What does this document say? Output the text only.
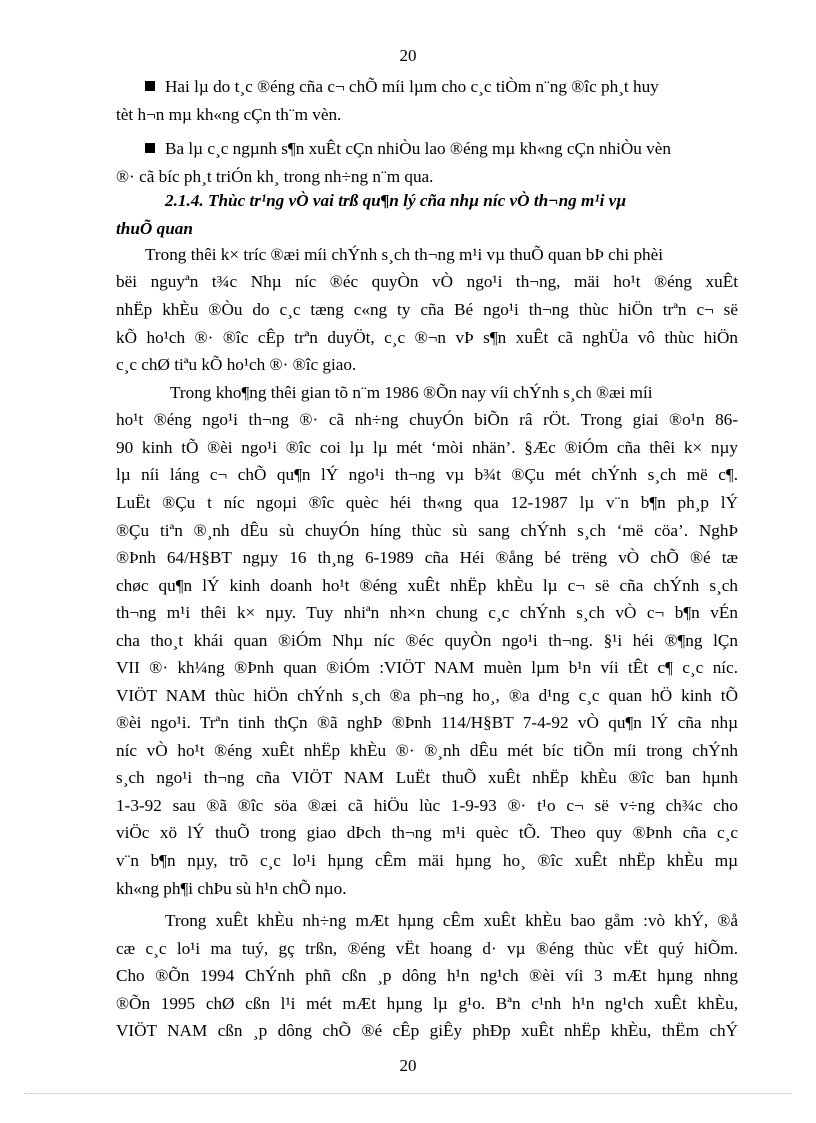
20
Hai lµ do t¸c ®éng cña c¬ chÕ míi lµm cho c¸c tiÒm n¨ng ®îc ph¸t huy
tèt h¬n mµ kh«ng cÇn th¨m vèn.
Ba lµ c¸c ngµnh s¶n xuÊt cÇn nhiÒu lao ®éng mµ kh«ng cÇn nhiÒu vèn
®· cã bíc ph¸t triÓn kh¸ trong nh÷ng n¨m qua.
2.1.4. Thùc tr¹ng vÒ vai trß qu¶n lý cña nhµ níc vÒ th¬ng m¹i vµ
thuÕ quan
Trong thêi k× tríc ®æi míi chÝnh s¸ch th¬ng m¹i vµ thuÕ quan bÞ chi phèi
bëi nguyªn t¾c Nhµ níc ®éc quyÒn vÒ ngo¹i th¬ng, mäi ho¹t ®éng xuÊt
nhËp khÈu ®Òu do c¸c tæng c«ng ty cña Bé ngo¹i th¬ng thùc hiÖn trªn c¬ së
kÕ ho¹ch ®· ®îc cÊp trªn duyÖt, c¸c ®¬n vÞ s¶n xuÊt cã nghÜa vô thùc hiÖn
c¸c chØ tiªu kÕ ho¹ch ®· ®îc giao.
Trong kho¶ng thêi gian tõ n¨m 1986 ®Õn nay víi chÝnh s¸ch ®æi míi
ho¹t ®éng ngo¹i th¬ng ®· cã nh÷ng chuyÓn biÕn râ rÖt. Trong giai ®o¹n 86-
90 kinh tÕ ®èi ngo¹i ®îc coi lµ lµ mét ‘mòi nhän’. §Æc ®iÓm cña thêi k× nµy
lµ níi láng c¬ chÕ qu¶n lÝ ngo¹i th¬ng vµ b¾t ®Çu mét chÝnh s¸ch më c¶.
LuËt ®Çu t níc ngoµi ®îc quèc héi th«ng qua 12-1987 lµ v¨n b¶n ph¸p lÝ
®Çu tiªn ®¸nh dÊu sù chuyÓn híng thùc sù sang chÝnh s¸ch ‘më cöa’. NghÞ
®Þnh 64/H§BT ngµy 16 th¸ng 6-1989 cña Héi ®ång bé trëng vÒ chÕ ®é tæ
chøc qu¶n lÝ kinh doanh ho¹t ®éng xuÊt nhËp khÈu lµ c¬ së cña chÝnh s¸ch
th¬ng m¹i thêi k× nµy. Tuy nhiªn nh×n chung c¸c chÝnh s¸ch vÒ c¬ b¶n vÉn
cha tho¸t khái quan ®iÓm Nhµ níc ®éc quyÒn ngo¹i th¬ng. §¹i héi ®¶ng lÇn
VII ®· kh¼ng ®Þnh quan ®iÓm :VIÖT NAM muèn lµm b¹n víi tÊt c¶ c¸c níc.
VIÖT NAM thùc hiÖn chÝnh s¸ch ®a ph¬ng ho¸, ®a d¹ng c¸c quan hÖ kinh tÕ
®èi ngo¹i. Trªn tinh thÇn ®ã nghÞ ®Þnh 114/H§BT 7-4-92 vÒ qu¶n lÝ cña nhµ
níc vÒ ho¹t ®éng xuÊt nhËp khÈu ®· ®¸nh dÊu mét bíc tiÕn míi trong chÝnh
s¸ch ngo¹i th¬ng cña VIÖT NAM LuËt thuÕ xuÊt nhËp khÈu ®îc ban hµnh
1-3-92 sau ®ã ®îc söa ®æi cã hiÖu lùc 1-9-93 ®· t¹o c¬ së v÷ng ch¾c cho
viÖc xö lÝ thuÕ trong giao dÞch th¬ng m¹i quèc tÕ. Theo quy ®Þnh cña c¸c
v¨n b¶n nµy, trõ c¸c lo¹i hµng cÊm mäi hµng ho¸ ®îc xuÊt nhËp khÈu mµ
kh«ng ph¶i chÞu sù h¹n chÕ nµo.
Trong xuÊt khÈu nh÷ng mÆt hµng cÊm xuÊt khÈu bao gåm :vò khÝ, ®å
cæ c¸c lo¹i ma tuý, gç trßn, ®éng vËt hoang d· vµ ®éng thùc vËt quý hiÕm.
Cho ®Õn 1994 ChÝnh phñ cßn ¸p dông h¹n ng¹ch ®èi víi 3 mÆt hµng nhng
®Õn 1995 chØ cßn l¹i mét mÆt hµng lµ g¹o. Bªn c¹nh h¹n ng¹ch xuÊt khÈu,
VIÖT NAM cßn ¸p dông chÕ ®é cÊp giÊy phÐp xuÊt nhËp khÈu, thËm chÝ
20
